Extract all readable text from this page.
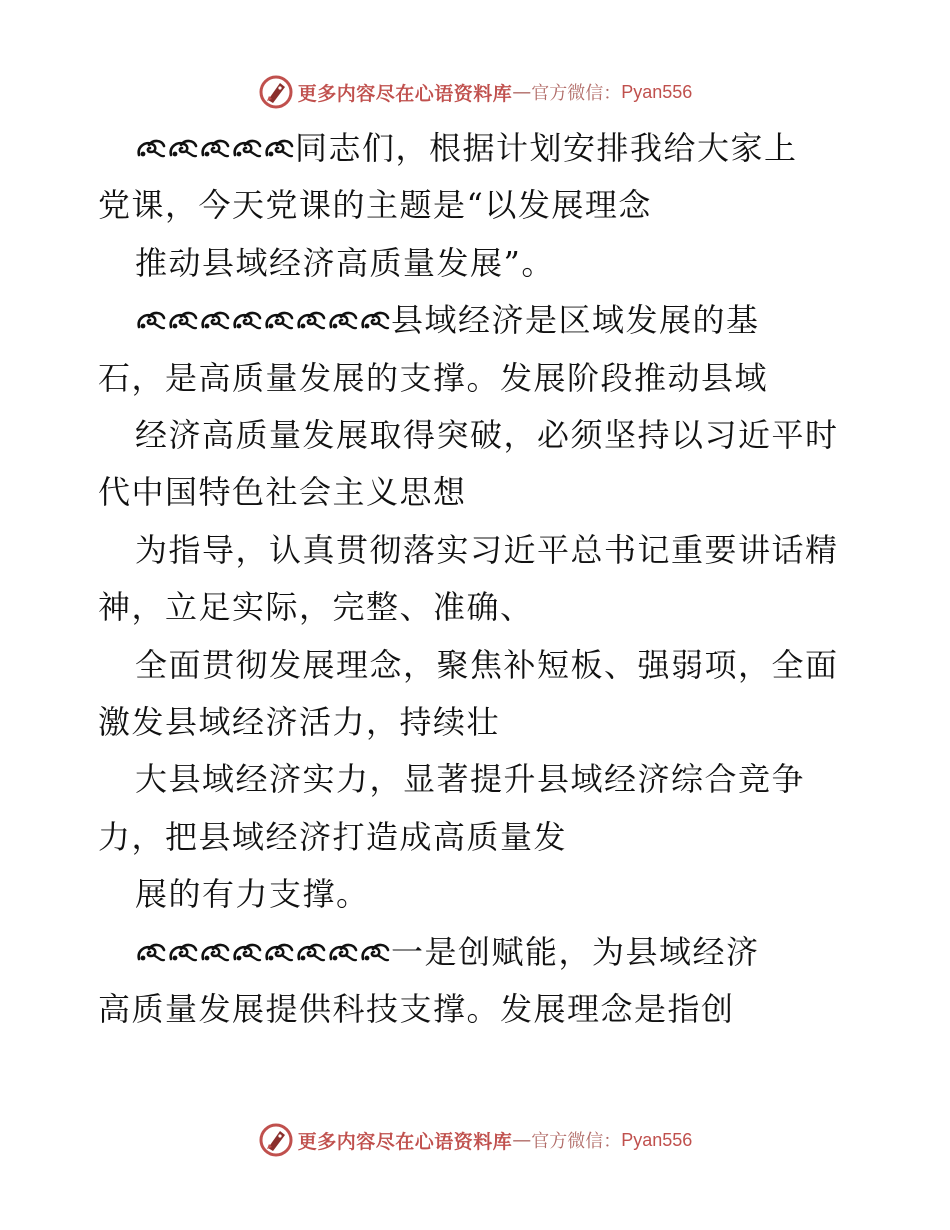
更多内容尽在心语资料库 — 官方微信： Pyan556
同志们，根据计划安排我给大家上
党课，今天党课的主题是“以发展理念
推动县域经济高质量发展”。
县域经济是区域发展的基
石，是高质量发展的支撑。发展阶段推动县域
经济高质量发展取得突破，必须坚持以习近平时
代中国特色社会主义思想
为指导，认真贯彻落实习近平总书记重要讲话精
神，立足实际，完整、准确、
全面贯彻发展理念，聚焦补短板、强弱项，全面
激发县域经济活力，持续壮
大县域经济实力，显著提升县域经济综合竞争
力，把县域经济打造成高质量发
展的有力支撑。
一是创赋能，为县域经济
高质量发展提供科技支撑。发展理念是指创
更多内容尽在心语资料库 — 官方微信： Pyan556
